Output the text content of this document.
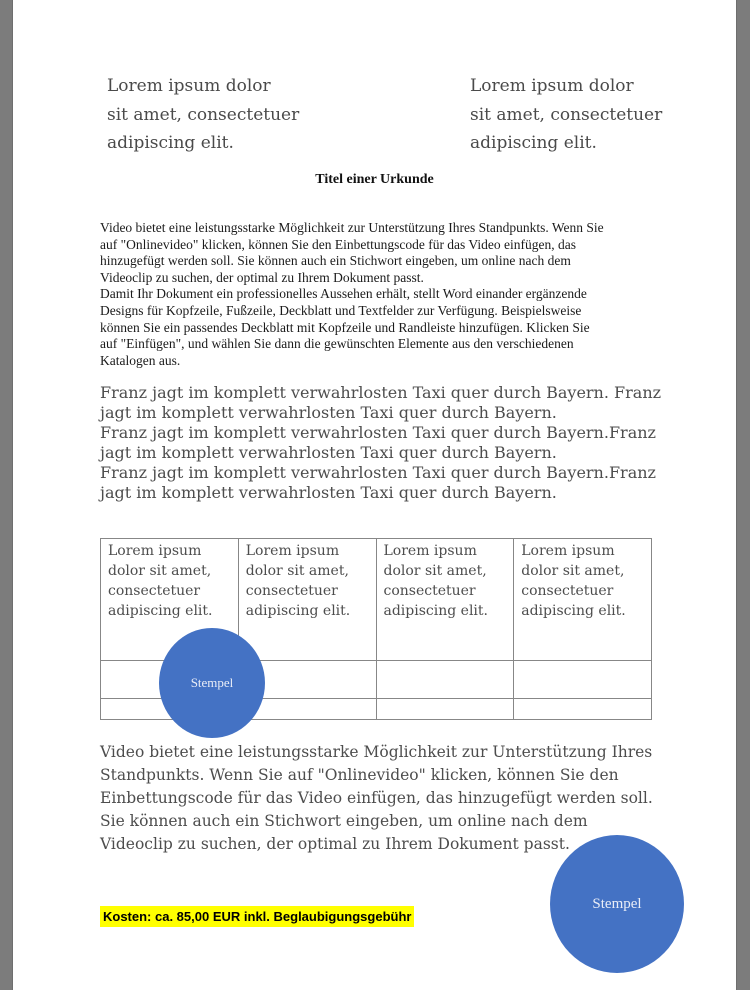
Lorem ipsum dolor
sit amet, consectetuer
adipiscing elit.
Lorem ipsum dolor
sit amet, consectetuer
adipiscing elit.
Titel einer Urkunde
Video bietet eine leistungsstarke Möglichkeit zur Unterstützung Ihres Standpunkts. Wenn Sie
auf "Onlinevideo" klicken, können Sie den Einbettungscode für das Video einfügen, das
hinzugefügt werden soll. Sie können auch ein Stichwort eingeben, um online nach dem
Videoclip zu suchen, der optimal zu Ihrem Dokument passt.
Damit Ihr Dokument ein professionelles Aussehen erhält, stellt Word einander ergänzende
Designs für Kopfzeile, Fußzeile, Deckblatt und Textfelder zur Verfügung. Beispielsweise
können Sie ein passendes Deckblatt mit Kopfzeile und Randleiste hinzufügen. Klicken Sie
auf "Einfügen", und wählen Sie dann die gewünschten Elemente aus den verschiedenen
Katalogen aus.
Franz jagt im komplett verwahrlosten Taxi quer durch Bayern. Franz
jagt im komplett verwahrlosten Taxi quer durch Bayern.
Franz jagt im komplett verwahrlosten Taxi quer durch Bayern.Franz
jagt im komplett verwahrlosten Taxi quer durch Bayern.
Franz jagt im komplett verwahrlosten Taxi quer durch Bayern.Franz
jagt im komplett verwahrlosten Taxi quer durch Bayern.
Lorem ipsum
dolor sit amet,
consectetuer
adipiscing elit.

Lorem ipsum
dolor sit amet,
consectetuer
adipiscing elit.

Lorem ipsum
dolor sit amet,
consectetuer
adipiscing elit.

Lorem ipsum
dolor sit amet,
consectetuer
adipiscing elit.

Stempel
Video bietet eine leistungsstarke Möglichkeit zur Unterstützung Ihres
Standpunkts. Wenn Sie auf "Onlinevideo" klicken, können Sie den
Einbettungscode für das Video einfügen, das hinzugefügt werden soll.
Sie können auch ein Stichwort eingeben, um online nach dem
Videoclip zu suchen, der optimal zu Ihrem Dokument passt.
Kosten: ca. 85,00 EUR inkl. Beglaubigungsgebühr
Stempel
